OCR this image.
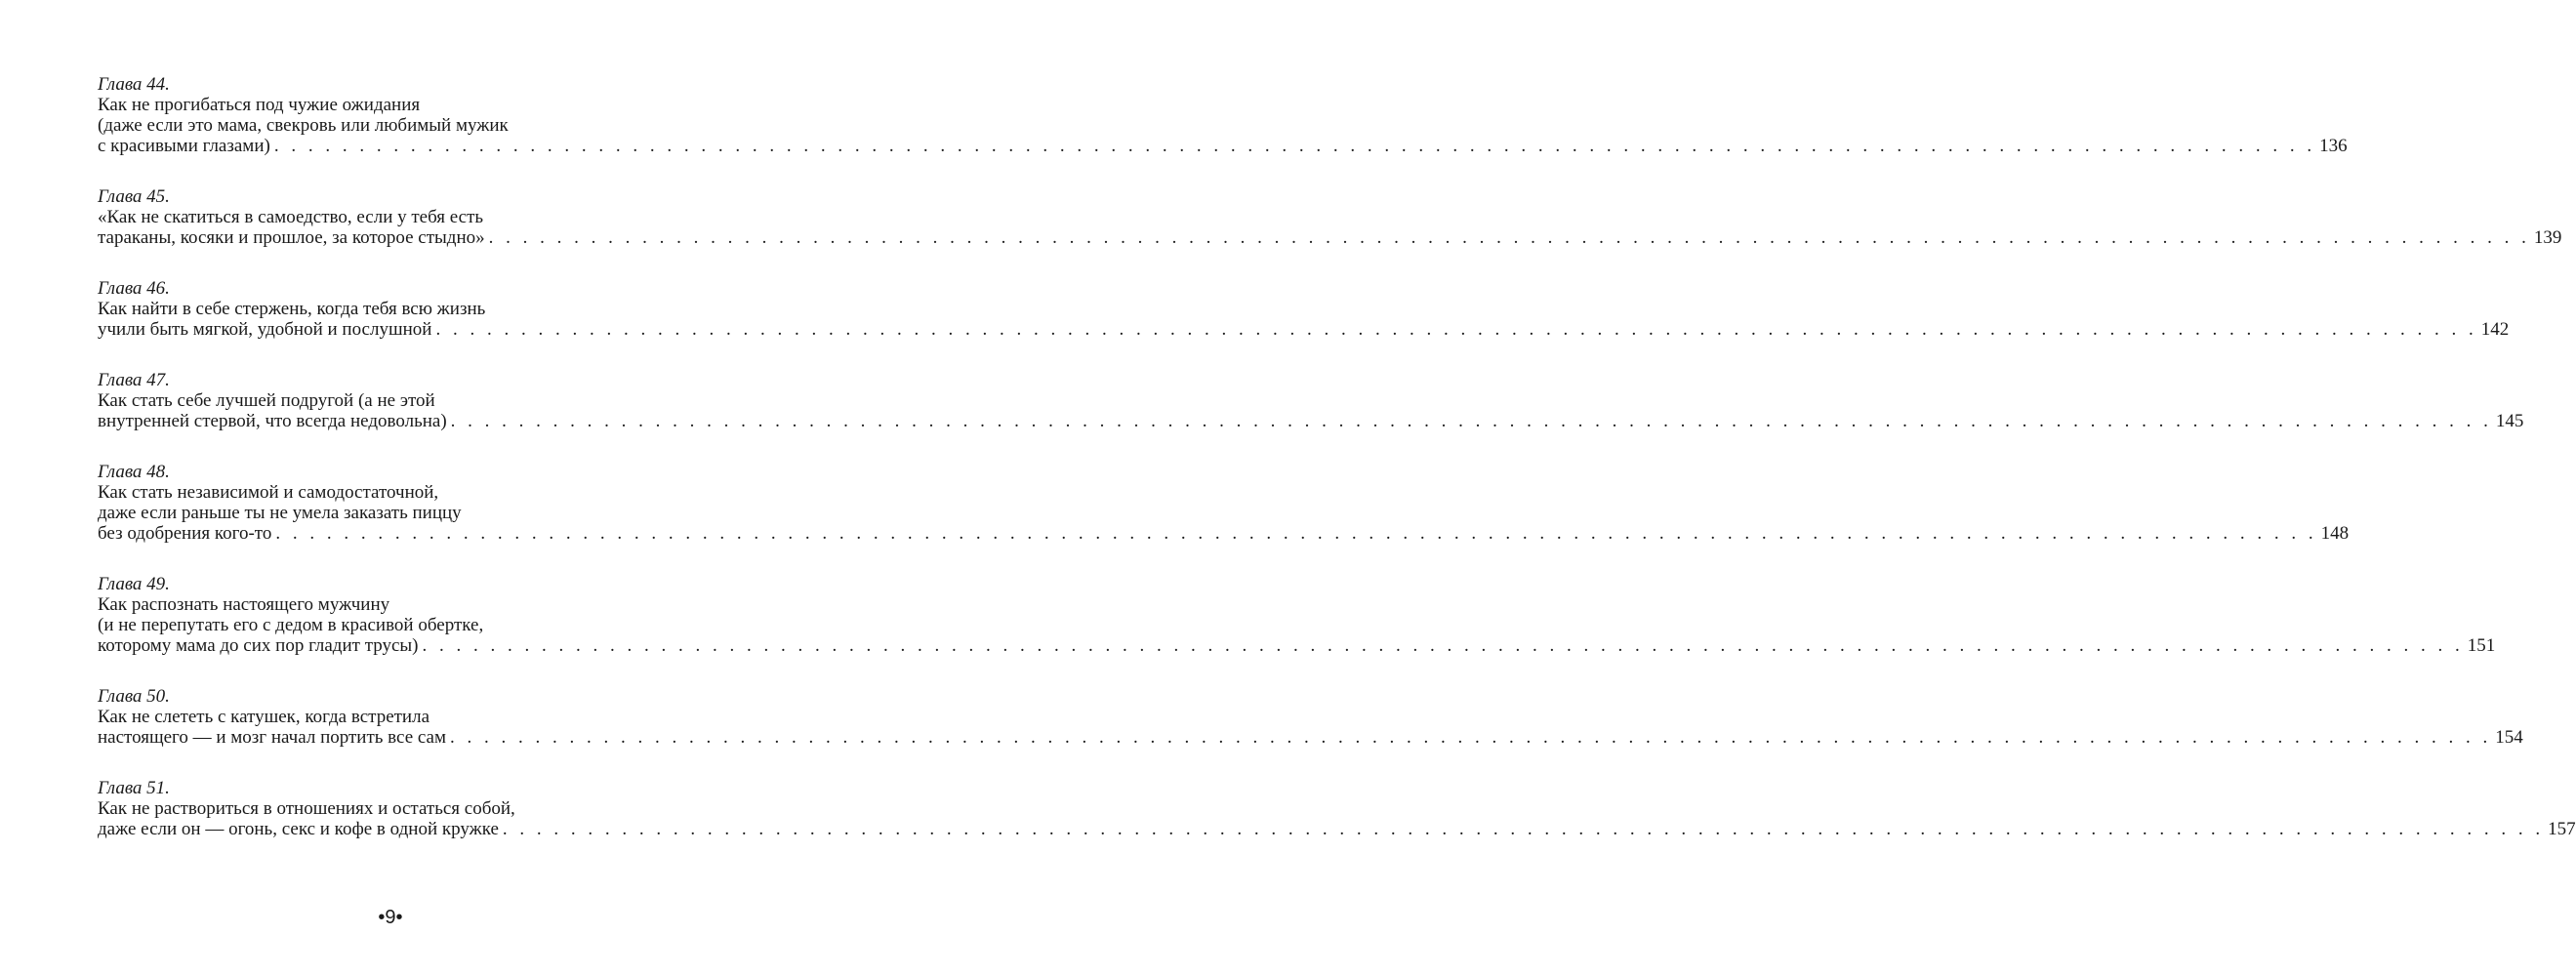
Глава 44.
Как не прогибаться под чужие ожидания
(даже если это мама, свекровь или любимый мужик
с красивыми глазами) . . . . . . . . . . . . . . . . . . . . . . . . . . . . . . . . . . . . . . . . . . . . . . . . . . . . . . . . . . . . . . . . . . . . . . . . . . . . . . . . . . . . . . . . . . . . . . . . . . . . . . . . . . . . . . . . . . . . . . . . 136
Глава 45.
«Как не скатиться в самоедство, если у тебя есть
тараканы, косяки и прошлое, за которое стыдно» . . . . . . . . . . . . . . . . . . . . . . . . . . . . . . . . . . . . . . . . . . . . . . . . . . . . . . . . . . . . . . . . . . . . . . . . . . . . . . . . . . . . . . . . . . . . . . . . . . . . . . . . . . . . . . . . . . . . . . . . 139
Глава 46.
Как найти в себе стержень, когда тебя всю жизнь
учили быть мягкой, удобной и послушной . . . . . . . . . . . . . . . . . . . . . . . . . . . . . . . . . . . . . . . . . . . . . . . . . . . . . . . . . . . . . . . . . . . . . . . . . . . . . . . . . . . . . . . . . . . . . . . . . . . . . . . . . . . . . . . . . . . . . . . . 142
Глава 47.
Как стать себе лучшей подругой (а не этой
внутренней стервой, что всегда недовольна) . . . . . . . . . . . . . . . . . . . . . . . . . . . . . . . . . . . . . . . . . . . . . . . . . . . . . . . . . . . . . . . . . . . . . . . . . . . . . . . . . . . . . . . . . . . . . . . . . . . . . . . . . . . . . . . . . . . . . . . . 145
Глава 48.
Как стать независимой и самодостаточной,
даже если раньше ты не умела заказать пиццу
без одобрения кого-то . . . . . . . . . . . . . . . . . . . . . . . . . . . . . . . . . . . . . . . . . . . . . . . . . . . . . . . . . . . . . . . . . . . . . . . . . . . . . . . . . . . . . . . . . . . . . . . . . . . . . . . . . . . . . . . . . . . . . . . . 148
Глава 49.
Как распознать настоящего мужчину
(и не перепутать его с дедом в красивой обертке,
которому мама до сих пор гладит трусы) . . . . . . . . . . . . . . . . . . . . . . . . . . . . . . . . . . . . . . . . . . . . . . . . . . . . . . . . . . . . . . . . . . . . . . . . . . . . . . . . . . . . . . . . . . . . . . . . . . . . . . . . . . . . . . . . . . . . . . . . 151
Глава 50.
Как не слететь с катушек, когда встретила
настоящего — и мозг начал портить все сам . . . . . . . . . . . . . . . . . . . . . . . . . . . . . . . . . . . . . . . . . . . . . . . . . . . . . . . . . . . . . . . . . . . . . . . . . . . . . . . . . . . . . . . . . . . . . . . . . . . . . . . . . . . . . . . . . . . . . . . . 154
Глава 51.
Как не раствориться в отношениях и остаться собой,
даже если он — огонь, секс и кофе в одной кружке . . . . . . . . . . . . . . . . . . . . . . . . . . . . . . . . . . . . . . . . . . . . . . . . . . . . . . . . . . . . . . . . . . . . . . . . . . . . . . . . . . . . . . . . . . . . . . . . . . . . . . . . . . . . . . . . . . . . . . . . 157
•9•
